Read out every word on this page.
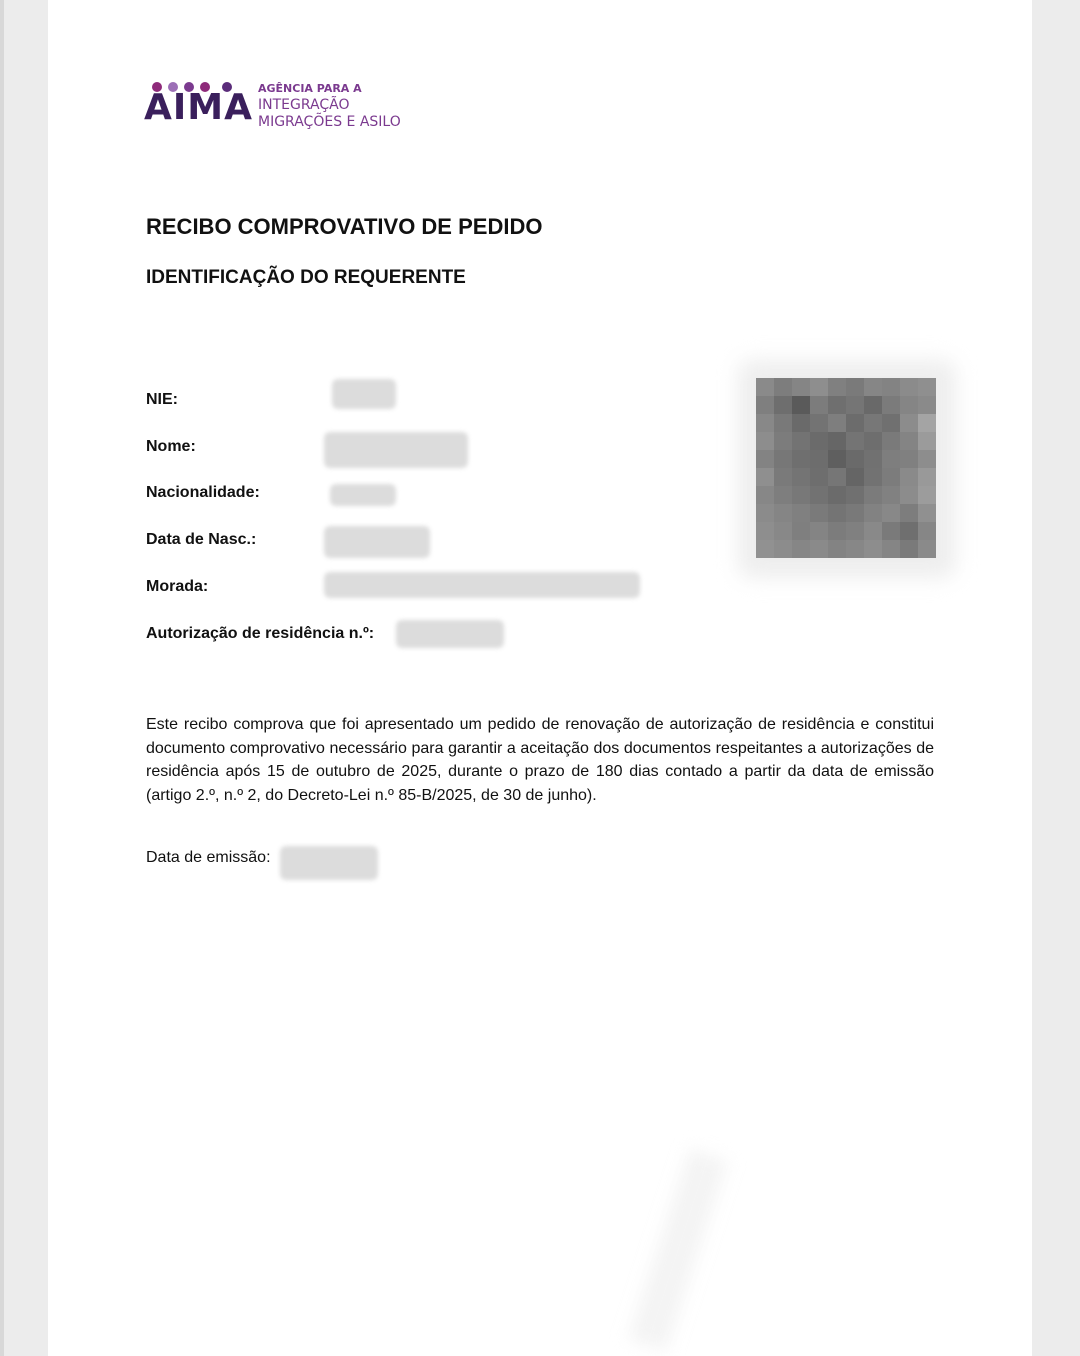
AIMA AGÊNCIA PARA A
INTEGRAÇÃO
MIGRAÇÕES E ASILO
RECIBO COMPROVATIVO DE PEDIDO
IDENTIFICAÇÃO DO REQUERENTE
NIE:
Nome:
Nacionalidade:
Data de Nasc.:
Morada:
Autorização de residência n.º:

Este recibo comprova que foi apresentado um pedido de renovação de autorização de residência e constitui documento comprovativo necessário para garantir a aceitação dos documentos respeitantes a autorizações de residência após 15 de outubro de 2025, durante o prazo de 180 dias contado a partir da data de emissão (artigo 2.º, n.º 2, do Decreto-Lei n.º 85-B/2025, de 30 de junho).

Data de emissão:
